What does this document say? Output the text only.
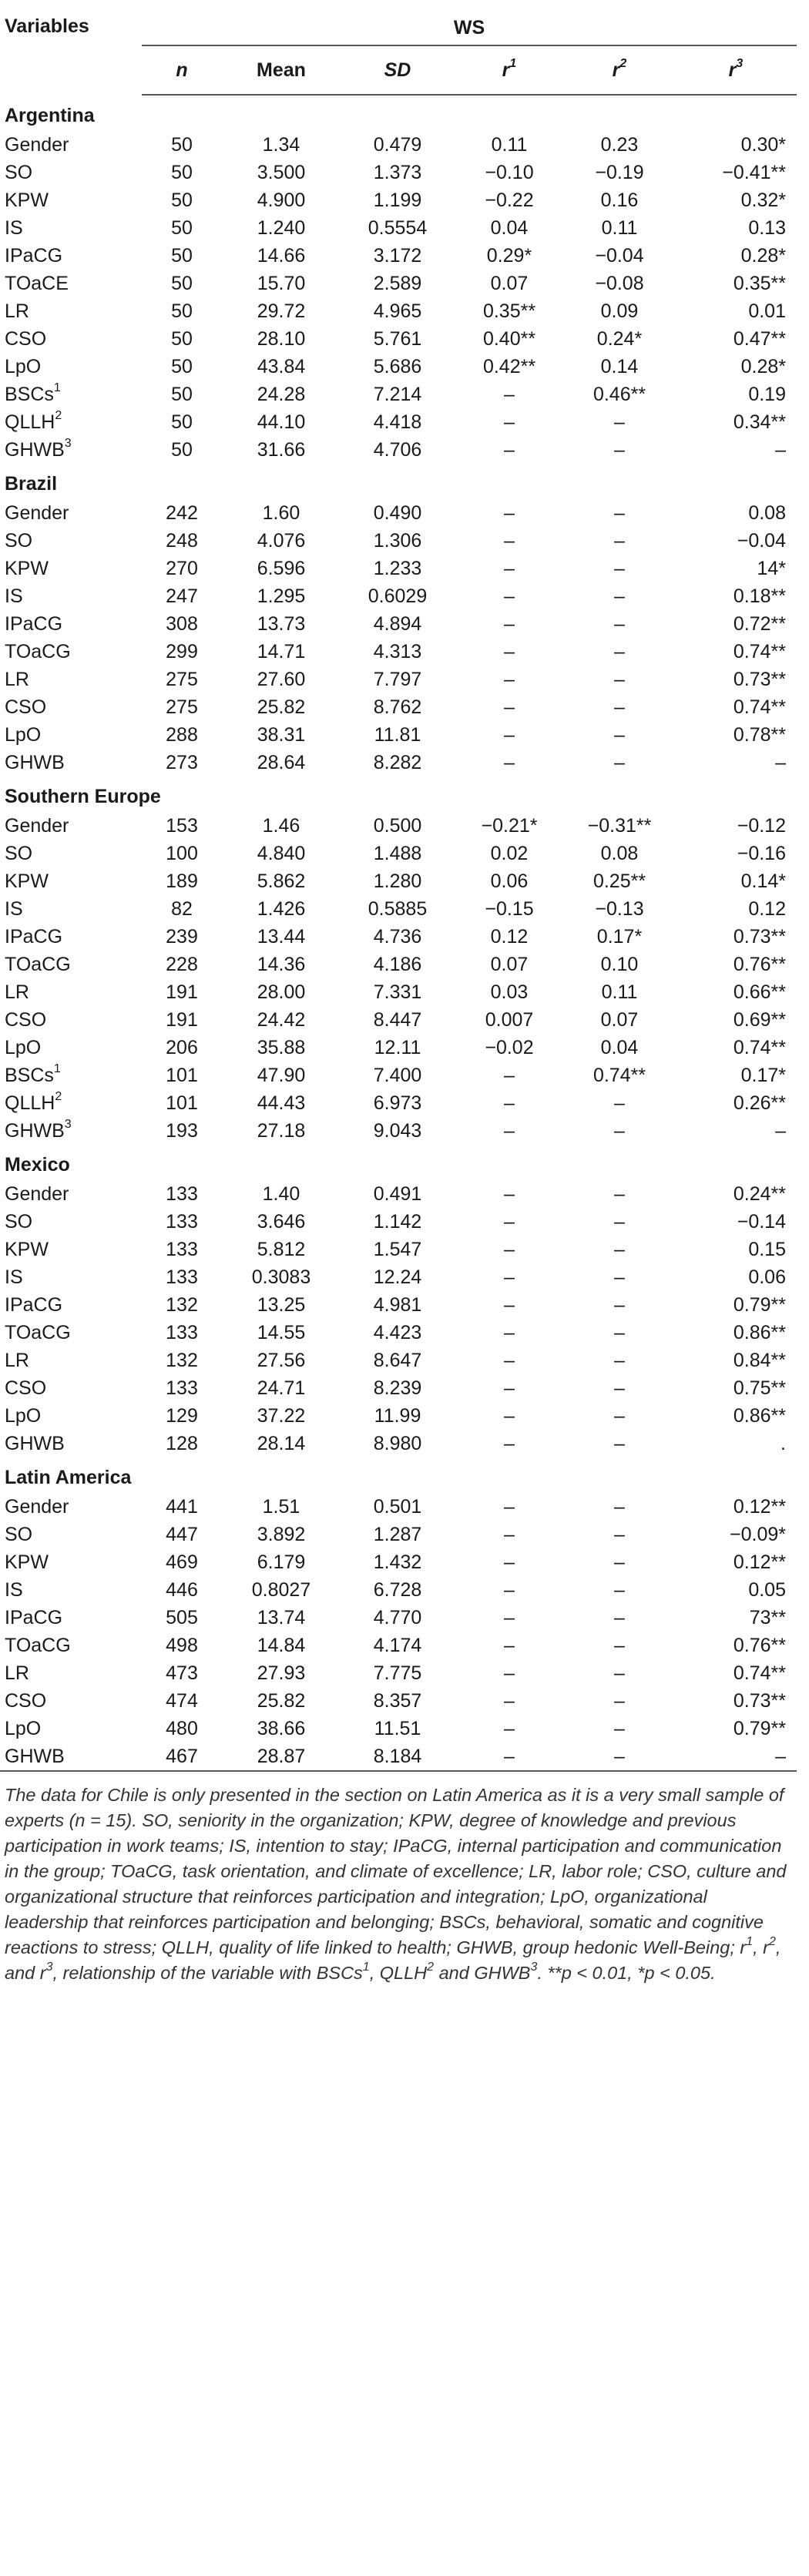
Variables	WS					
	n	Mean	SD	$r^1$	$r^2$	$r^3$
Argentina						
Gender	50	1.34	0.479	0.11	0.23	0.30*
SO	50	3.500	1.373	−0.10	−0.19	−0.41**
KPW	50	4.900	1.199	−0.22	0.16	0.32*
IS	50	1.240	0.5554	0.04	0.11	0.13
IPaCG	50	14.66	3.172	0.29*	−0.04	0.28*
TOaCE	50	15.70	2.589	0.07	−0.08	0.35**
LR	50	29.72	4.965	0.35**	0.09	0.01
CSO	50	28.10	5.761	0.40**	0.24*	0.47**
LpO	50	43.84	5.686	0.42**	0.14	0.28*
BSCs$^1$	50	24.28	7.214	–	0.46**	0.19
QLLH$^2$	50	44.10	4.418	–	–	0.34**
GHWB$^3$	50	31.66	4.706	–	–	–
Brazil						
Gender	242	1.60	0.490	–	–	0.08
SO	248	4.076	1.306	–	–	−0.04
KPW	270	6.596	1.233	–	–	14*
IS	247	1.295	0.6029	–	–	0.18**
IPaCG	308	13.73	4.894	–	–	0.72**
TOaCG	299	14.71	4.313	–	–	0.74**
LR	275	27.60	7.797	–	–	0.73**
CSO	275	25.82	8.762	–	–	0.74**
LpO	288	38.31	11.81	–	–	0.78**
GHWB	273	28.64	8.282	–	–	–
Southern Europe						
Gender	153	1.46	0.500	−0.21*	−0.31**	−0.12
SO	100	4.840	1.488	0.02	0.08	−0.16
KPW	189	5.862	1.280	0.06	0.25**	0.14*
IS	82	1.426	0.5885	−0.15	−0.13	0.12
IPaCG	239	13.44	4.736	0.12	0.17*	0.73**
TOaCG	228	14.36	4.186	0.07	0.10	0.76**
LR	191	28.00	7.331	0.03	0.11	0.66**
CSO	191	24.42	8.447	0.007	0.07	0.69**
LpO	206	35.88	12.11	−0.02	0.04	0.74**
BSCs$^1$	101	47.90	7.400	–	0.74**	0.17*
QLLH$^2$	101	44.43	6.973	–	–	0.26**
GHWB$^3$	193	27.18	9.043	–	–	–
Mexico						
Gender	133	1.40	0.491	–	–	0.24**
SO	133	3.646	1.142	–	–	−0.14
KPW	133	5.812	1.547	–	–	0.15
IS	133	0.3083	12.24	–	–	0.06
IPaCG	132	13.25	4.981	–	–	0.79**
TOaCG	133	14.55	4.423	–	–	0.86**
LR	132	27.56	8.647	–	–	0.84**
CSO	133	24.71	8.239	–	–	0.75**
LpO	129	37.22	11.99	–	–	0.86**
GHWB	128	28.14	8.980	–	–	.
Latin America						
Gender	441	1.51	0.501	–	–	0.12**
SO	447	3.892	1.287	–	–	−0.09*
KPW	469	6.179	1.432	–	–	0.12**
IS	446	0.8027	6.728	–	–	0.05
IPaCG	505	13.74	4.770	–	–	73**
TOaCG	498	14.84	4.174	–	–	0.76**
LR	473	27.93	7.775	–	–	0.74**
CSO	474	25.82	8.357	–	–	0.73**
LpO	480	38.66	11.51	–	–	0.79**
GHWB	467	28.87	8.184	–	–	–

The data for Chile is only presented in the section on Latin America as it is a very small sample of experts (n = 15). SO, seniority in the organization; KPW, degree of knowledge and previous participation in work teams; IS, intention to stay; IPaCG, internal participation and communication in the group; TOaCG, task orientation, and climate of excellence; LR, labor role; CSO, culture and organizational structure that reinforces participation and integration; LpO, organizational leadership that reinforces participation and belonging; BSCs, behavioral, somatic and cognitive reactions to stress; QLLH, quality of life linked to health; GHWB, group hedonic Well-Being; $r^1$, $r^2$, and $r^3$, relationship of the variable with BSCs$^1$, QLLH$^2$ and GHWB$^3$. **p < 0.01, *p < 0.05.
